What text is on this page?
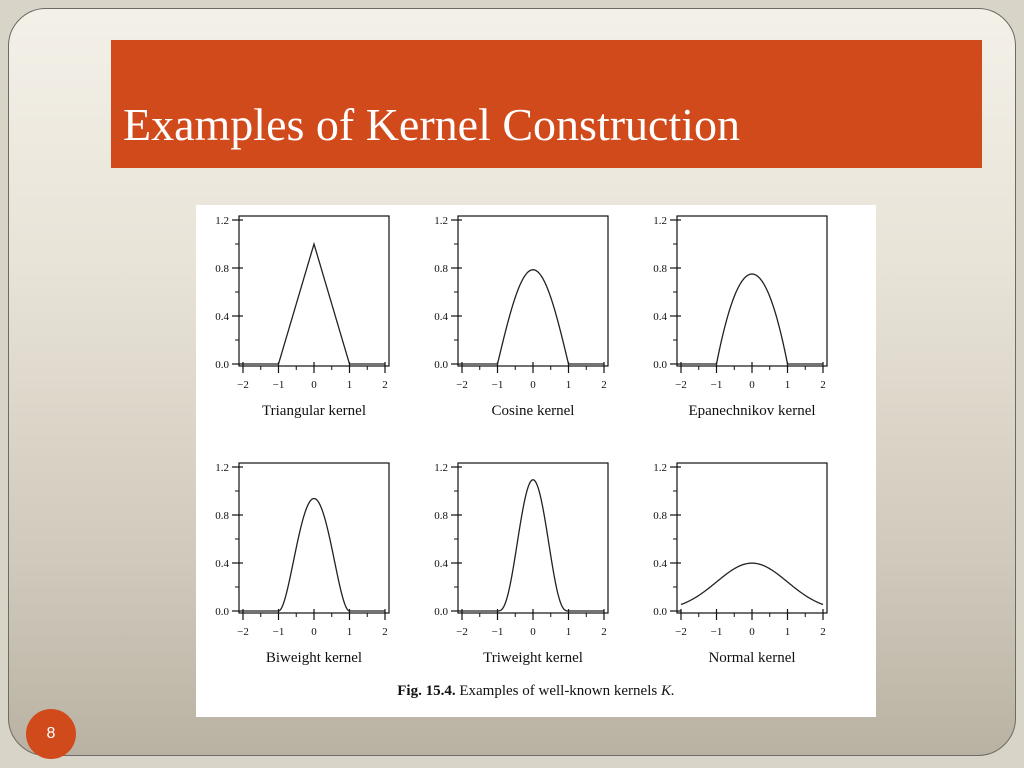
Examples of Kernel Construction
0.0
0.4
0.8
1.2
−2 −1 0	1	2
Triangular kernel
0.0
0.4
0.8
1.2
−2 −1 0	1	2
Cosine kernel
0.0
0.4
0.8
1.2
−2 −1 0	1	2
Epanechnikov kernel
0.0
0.4
0.8
1.2
−2 −1 0	1	2
Biweight kernel
0.0
0.4
0.8
1.2
−2 −1 0	1	2
Triweight kernel
0.0
0.4
0.8
1.2
−2 −1 0	1	2
Normal kernel
Fig. 15.4. Examples of well-known kernels K.
8
